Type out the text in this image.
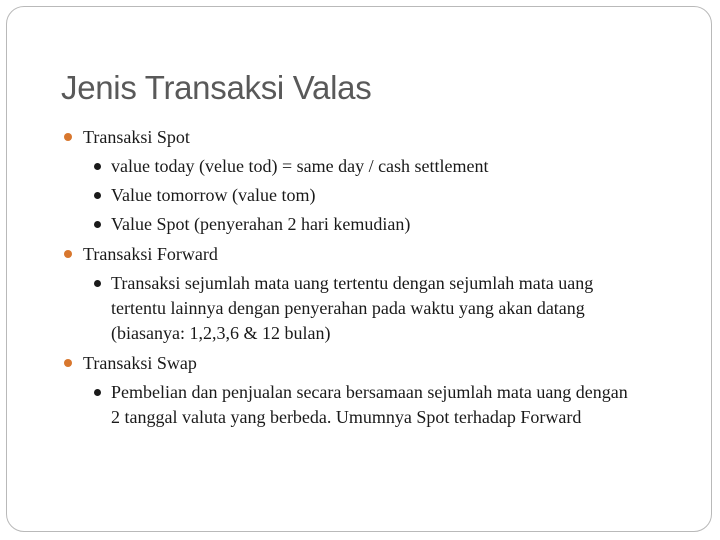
Jenis Transaksi Valas
Transaksi Spot
value today (velue tod) = same day / cash settlement
Value tomorrow (value tom)
Value Spot (penyerahan 2 hari kemudian)
Transaksi Forward
Transaksi sejumlah mata uang tertentu dengan sejumlah mata uang tertentu lainnya dengan penyerahan pada waktu yang akan datang (biasanya: 1,2,3,6 & 12 bulan)
Transaksi Swap
Pembelian dan penjualan secara bersamaan sejumlah mata uang dengan 2 tanggal valuta yang berbeda. Umumnya Spot terhadap Forward
